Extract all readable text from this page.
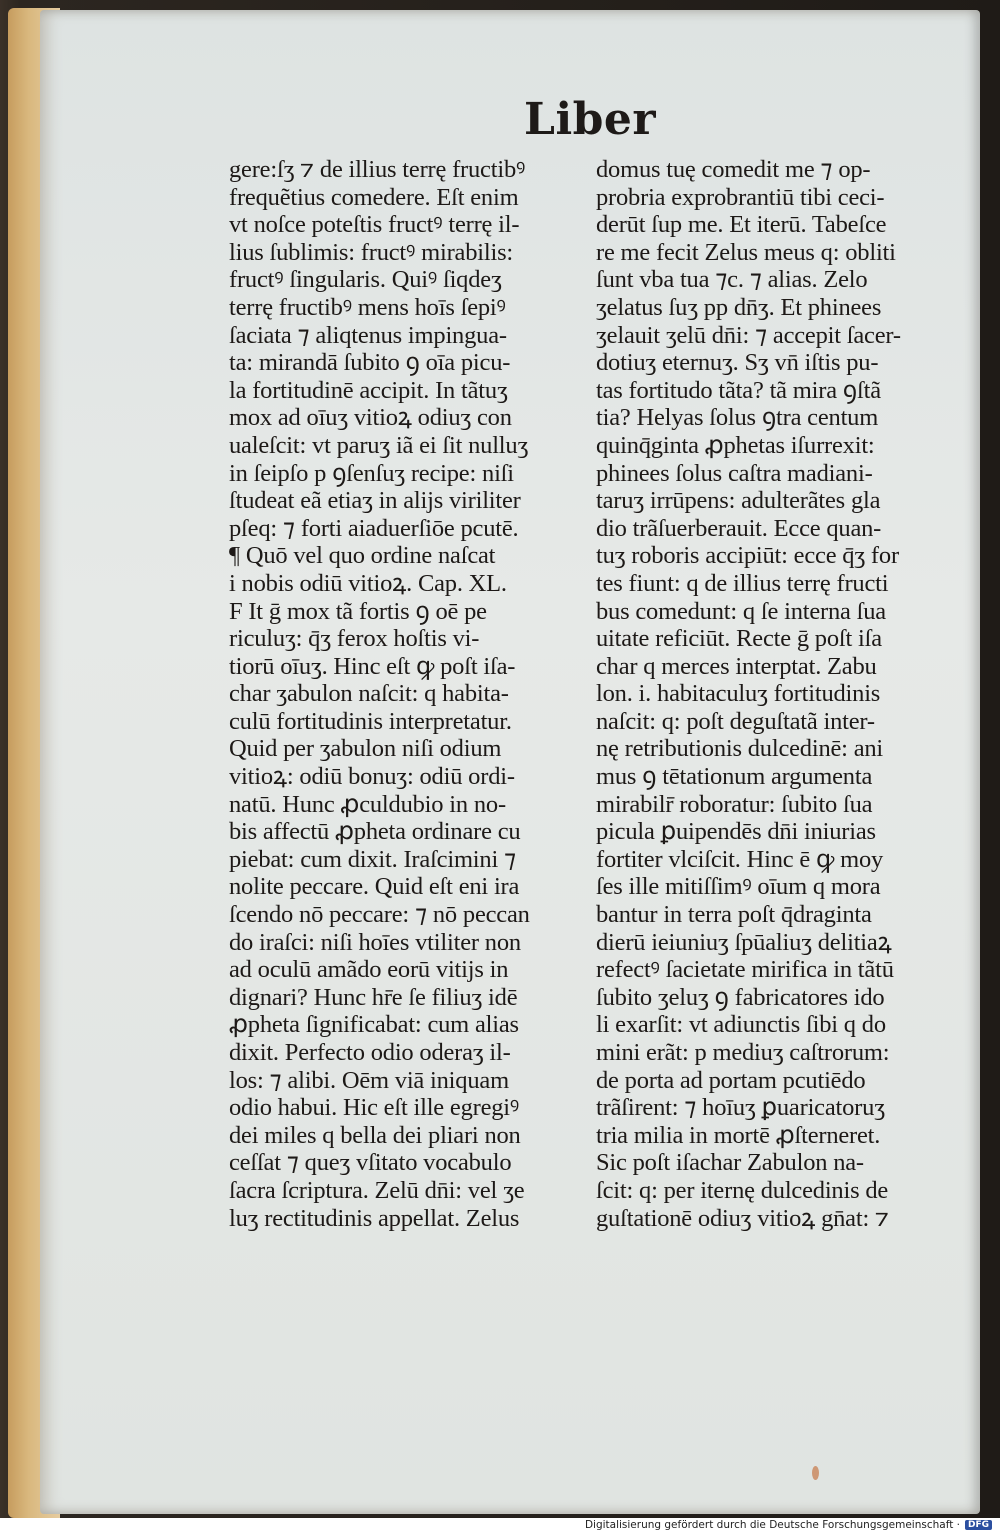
Liber
gere:ſʒ ⁊ de illius terrę fructibꝰ
frequẽtius comedere. Eſt enim
vt noſce poteſtis fructꝰ terrę il-
lius ſublimis: fructꝰ mirabilis:
fructꝰ ſingularis. Quiꝰ ſiqdeʒ
terrę fructibꝰ mens hoīs ſepiꝰ
ſaciata ⁊ aliqtenus impingua-
ta: mirandā ſubito ꝯ oīa picu-
la fortitudinē accipit. In tãtuʒ
mox ad oīuʒ vitioꝝ odiuʒ con
ualeſcit: vt paruʒ iã ei ſit nulluʒ
in ſeipſo p ꝯſenſuʒ recipe: niſi
ſtudeat eã etiaʒ in alijs viriliter
pſeq: ⁊ forti aiaduerſiōe pcutē.
¶ Quō vel quo ordine naſcat
i nobis odiū vitioꝝ. Cap. XL.
F It ḡ mox tã fortis ꝯ oē pe
riculuʒ: q̄ʒ ferox hoſtis vi-
tiorū oīuʒ. Hinc eſt ꝙ poſt iſa-
char ʒabulon naſcit: q habita-
culū fortitudinis interpretatur.
Quid per ʒabulon niſi odium
vitioꝝ: odiū bonuʒ: odiū ordi-
natū. Hunc ꝓculdubio in no-
bis affectū ꝓpheta ordinare cu
piebat: cum dixit. Iraſcimini ⁊
nolite peccare. Quid eſt eni ira
ſcendo nō peccare: ⁊ nō peccan
do iraſci: niſi hoīes vtiliter non
ad oculū amãdo eorū vitijs in
dignari? Hunc hr̄e ſe filiuʒ idē
ꝓpheta ſignificabat: cum alias
dixit. Perfecto odio oderaʒ il-
los: ⁊ alibi. Oēm viā iniquam
odio habui. Hic eſt ille egregiꝰ
dei miles q bella dei pliari non
ceſſat ⁊ queʒ vſitato vocabulo
ſacra ſcriptura. Zelū dn̄i: vel ʒe
luʒ rectitudinis appellat. Zelus
domus tuę comedit me ⁊ op-
probria exprobrantiū tibi ceci-
derūt ſup me. Et iterū. Tabeſce
re me fecit Zelus meus q: obliti
ſunt vba tua ⁊c. ⁊ alias. Zelo
ʒelatus ſuʒ pp dn̄ʒ. Et phinees
ʒelauit ʒelū dn̄i: ⁊ accepit ſacer-
dotiuʒ eternuʒ. Sʒ vn̄ iſtis pu-
tas fortitudo tãta? tã mira ꝯſtã
tia? Helyas ſolus ꝯtra centum
quinq̄ginta ꝓphetas iſurrexit:
phinees ſolus caſtra madiani-
taruʒ irrūpens: adulterãtes gla
dio trãſuerberauit. Ecce quan-
tuʒ roboris accipiūt: ecce q̄ʒ for
tes fiunt: q de illius terrę fructi
bus comedunt: q ſe interna ſua
uitate reficiūt. Recte ḡ poſt iſa
char q merces interptat. Zabu
lon. i. habitaculuʒ fortitudinis
naſcit: q: poſt deguſtatã inter-
nę retributionis dulcedinē: ani
mus ꝯ tētationum argumenta
mirabilr̄ roboratur: ſubito ſua
picula ꝑuipendēs dn̄i iniurias
fortiter vlciſcit. Hinc ē ꝙ moy
ſes ille mitiſſimꝰ oīum q mora
bantur in terra poſt q̄draginta
dierū ieiuniuʒ ſpūaliuʒ delitiaꝝ
refectꝰ ſacietate mirifica in tãtū
ſubito ʒeluʒ ꝯ fabricatores ido
li exarſit: vt adiunctis ſibi q do
mini erãt: p mediuʒ caſtrorum:
de porta ad portam pcutiēdo
trãſirent: ⁊ hoīuʒ ꝑuaricatoruʒ
tria milia in mortē ꝓſterneret.
Sic poſt iſachar Zabulon na-
ſcit: q: per iternę dulcedinis de
guſtationē odiuʒ vitioꝝ gn̄at: ⁊
Digitalisierung gefördert durch die Deutsche Forschungsgemeinschaft · DFG
